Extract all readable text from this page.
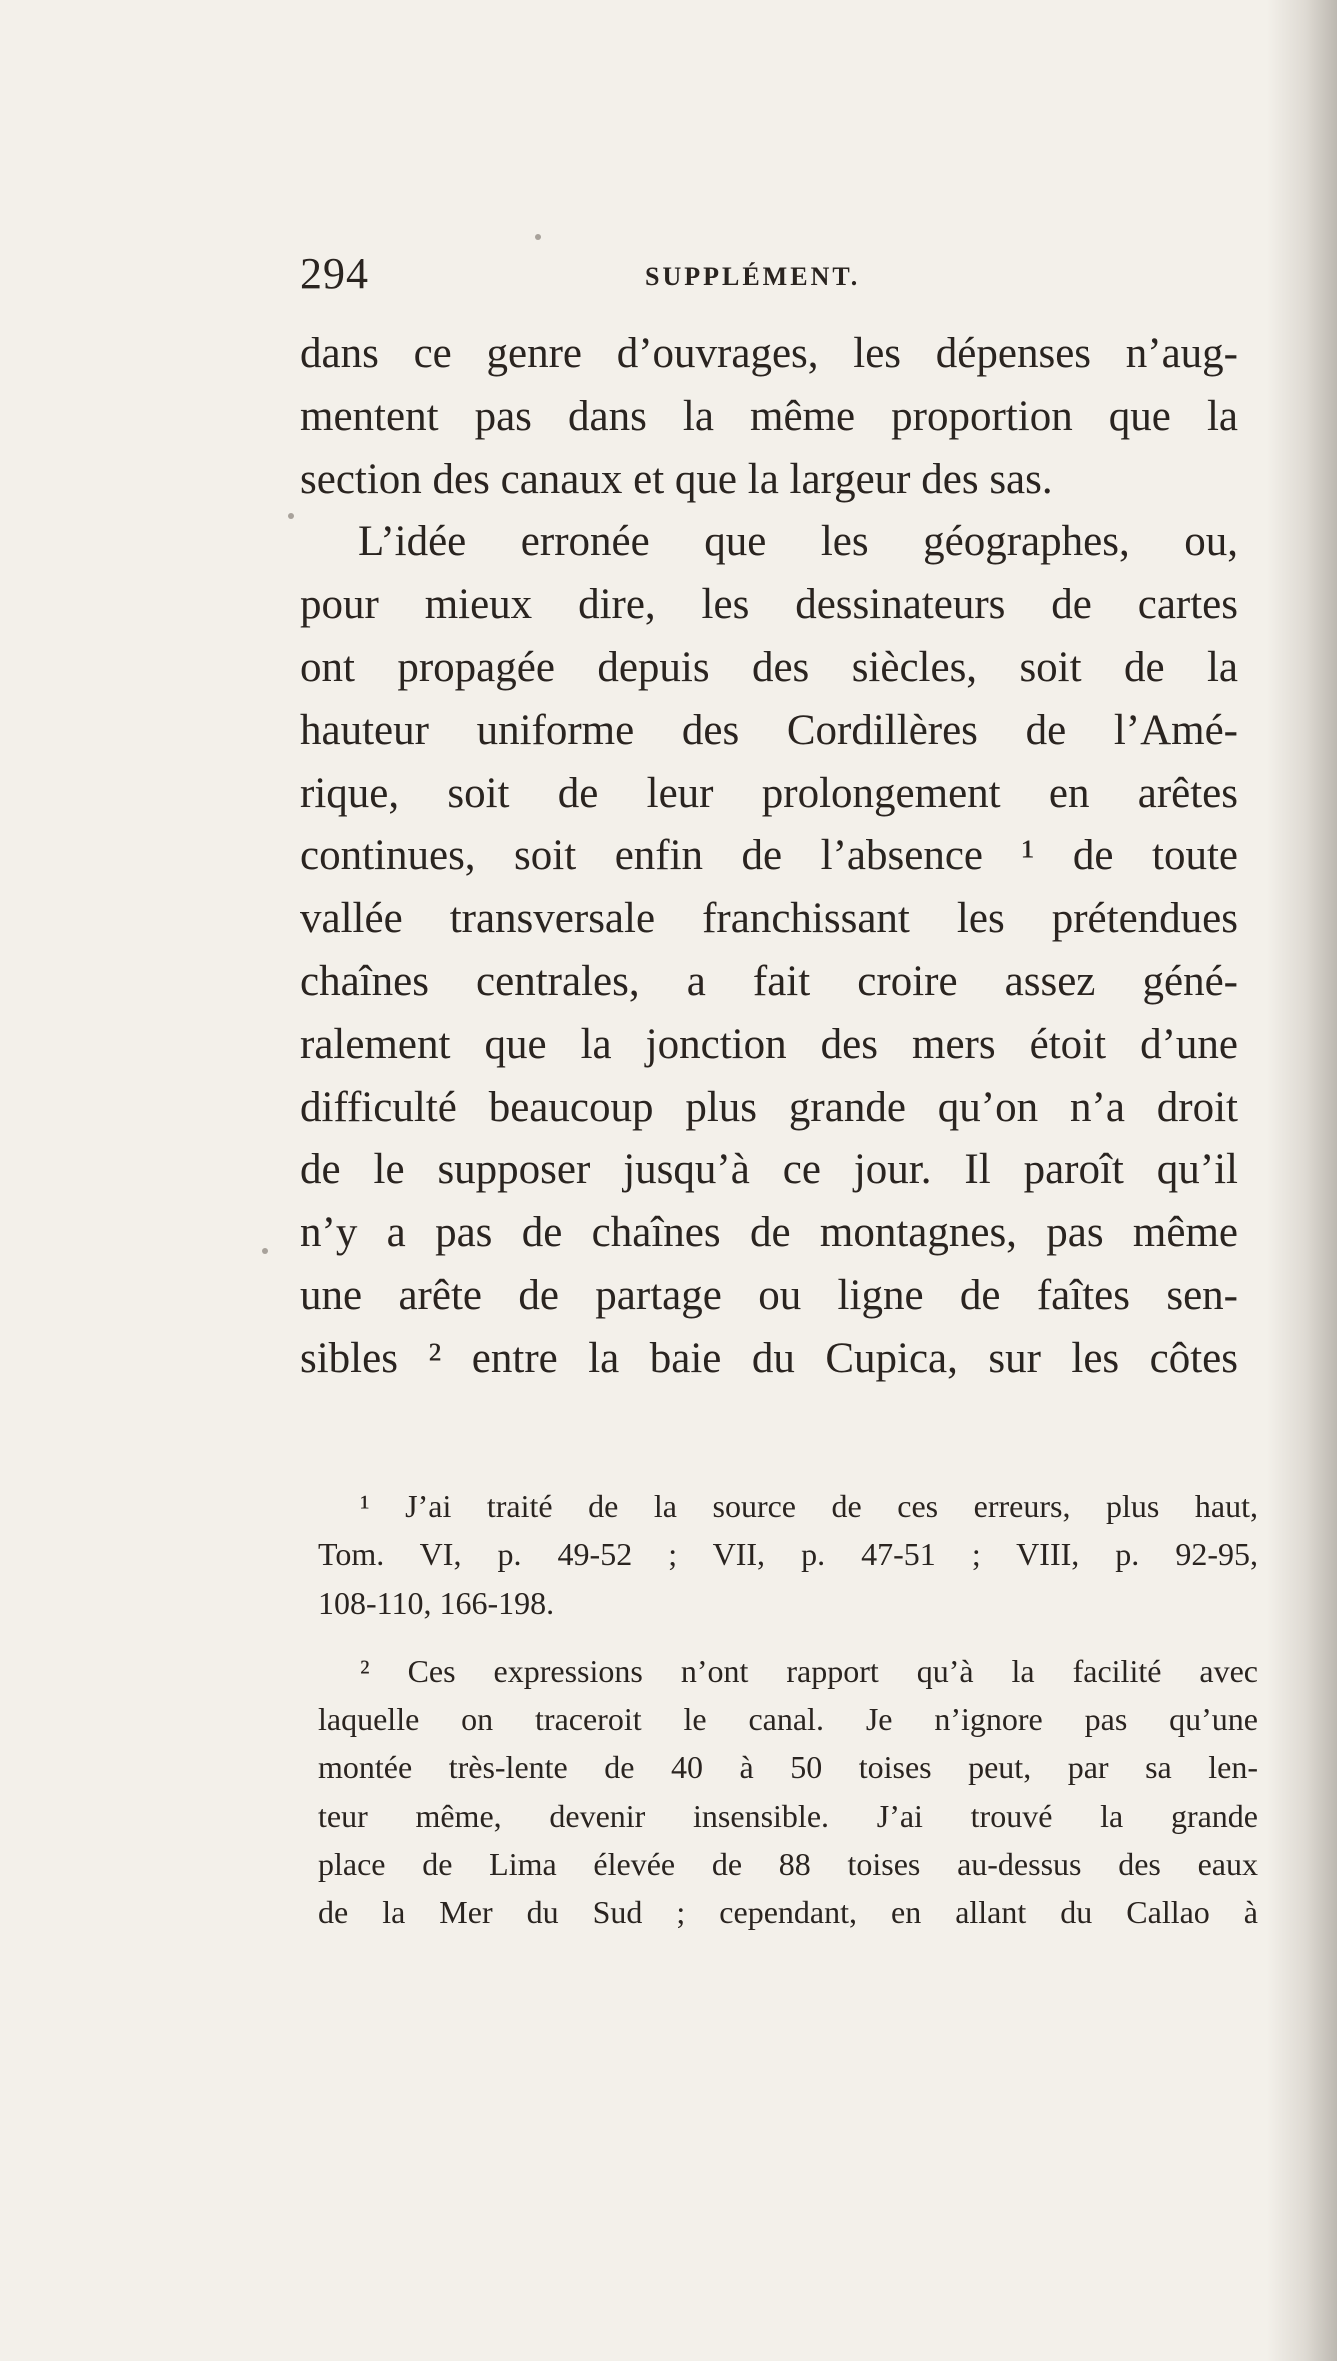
294	SUPPLÉMENT.
dans ce genre d’ouvrages, les dépenses n’aug-
mentent pas dans la même proportion que la
section des canaux et que la largeur des sas.
L’idée erronée que les géographes, ou,
pour mieux dire, les dessinateurs de cartes
ont propagée depuis des siècles, soit de la
hauteur uniforme des Cordillères de l’Amé-
rique, soit de leur prolongement en arêtes
continues, soit enfin de l’absence ¹ de toute
vallée transversale franchissant les prétendues
chaînes centrales, a fait croire assez géné-
ralement que la jonction des mers étoit d’une
difficulté beaucoup plus grande qu’on n’a droit
de le supposer jusqu’à ce jour. Il paroît qu’il
n’y a pas de chaînes de montagnes, pas même
une arête de partage ou ligne de faîtes sen-
sibles ² entre la baie du Cupica, sur les côtes
¹ J’ai traité de la source de ces erreurs, plus haut,
Tom. VI, p. 49-52 ; VII, p. 47-51 ; VIII, p. 92-95,
108-110, 166-198.
² Ces expressions n’ont rapport qu’à la facilité avec
laquelle on traceroit le canal. Je n’ignore pas qu’une
montée très-lente de 40 à 50 toises peut, par sa len-
teur même, devenir insensible. J’ai trouvé la grande
place de Lima élevée de 88 toises au-dessus des eaux
de la Mer du Sud ; cependant, en allant du Callao à
